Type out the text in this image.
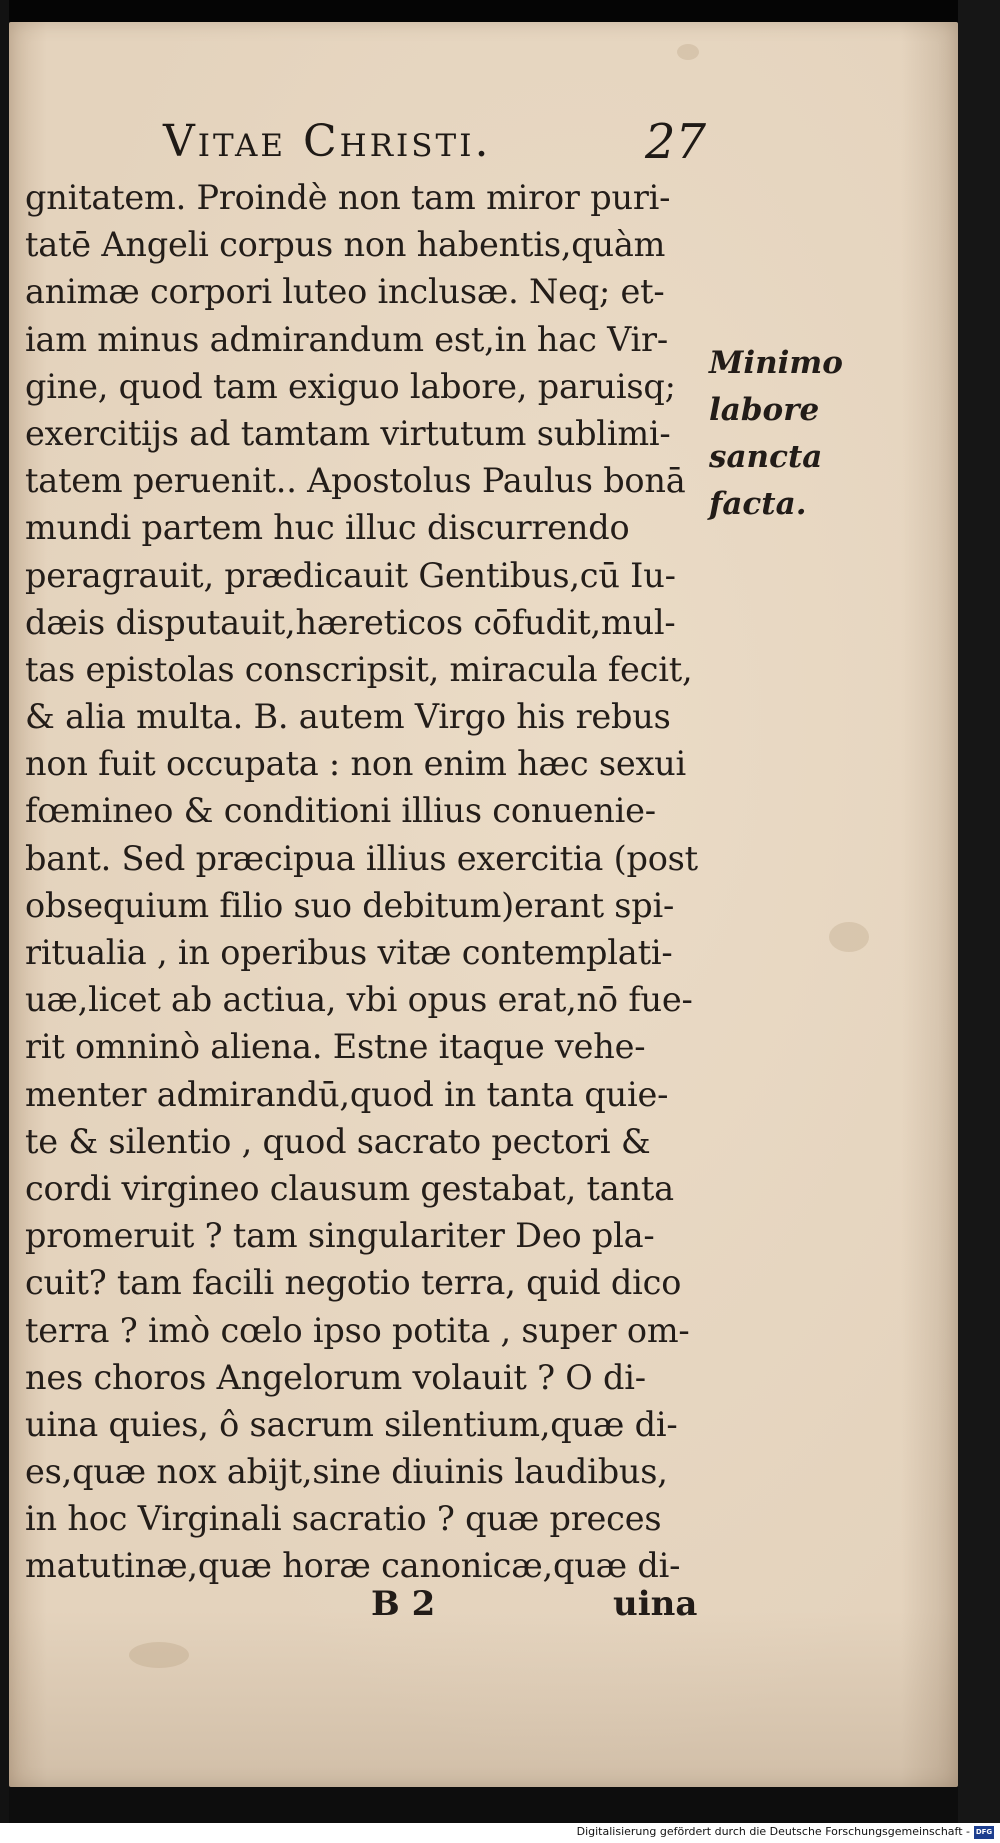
Vitae Christi.	27
gnitatem. Proindè non tam miror puri-
tatē Angeli corpus non habentis,quàm
animæ corpori luteo inclusæ. Neq; et-
iam minus admirandum est,in hac Vir-
gine, quod tam exiguo labore, paruisq;
exercitijs ad tamtam virtutum sublimi-
tatem peruenit.. Apostolus Paulus bonā
mundi partem huc illuc discurrendo
peragrauit, prædicauit Gentibus,cū Iu-
dæis disputauit,hæreticos cōfudit,mul-
tas epistolas conscripsit, miracula fecit,
& alia multa. B. autem Virgo his rebus
non fuit occupata : non enim hæc sexui
fœmineo & conditioni illius conuenie-
bant. Sed præcipua illius exercitia (post
obsequium filio suo debitum)erant spi-
ritualia , in operibus vitæ contemplati-
uæ,licet ab actiua, vbi opus erat,nō fue-
rit omninò aliena. Estne itaque vehe-
menter admirandū,quod in tanta quie-
te & silentio , quod sacrato pectori &
cordi virgineo clausum gestabat, tanta
promeruit ? tam singulariter Deo pla-
cuit? tam facili negotio terra, quid dico
terra ? imò cœlo ipso potita , super om-
nes choros Angelorum volauit ? O di-
uina quies, ô sacrum silentium,quæ di-
es,quæ nox abijt,sine diuinis laudibus,
in hoc Virginali sacratio ? quæ preces
matutinæ,quæ horæ canonicæ,quæ di-
Minimo
labore
sancta
facta.
B 2	uina
Digitalisierung gefördert durch die Deutsche Forschungsgemeinschaft - DFG
